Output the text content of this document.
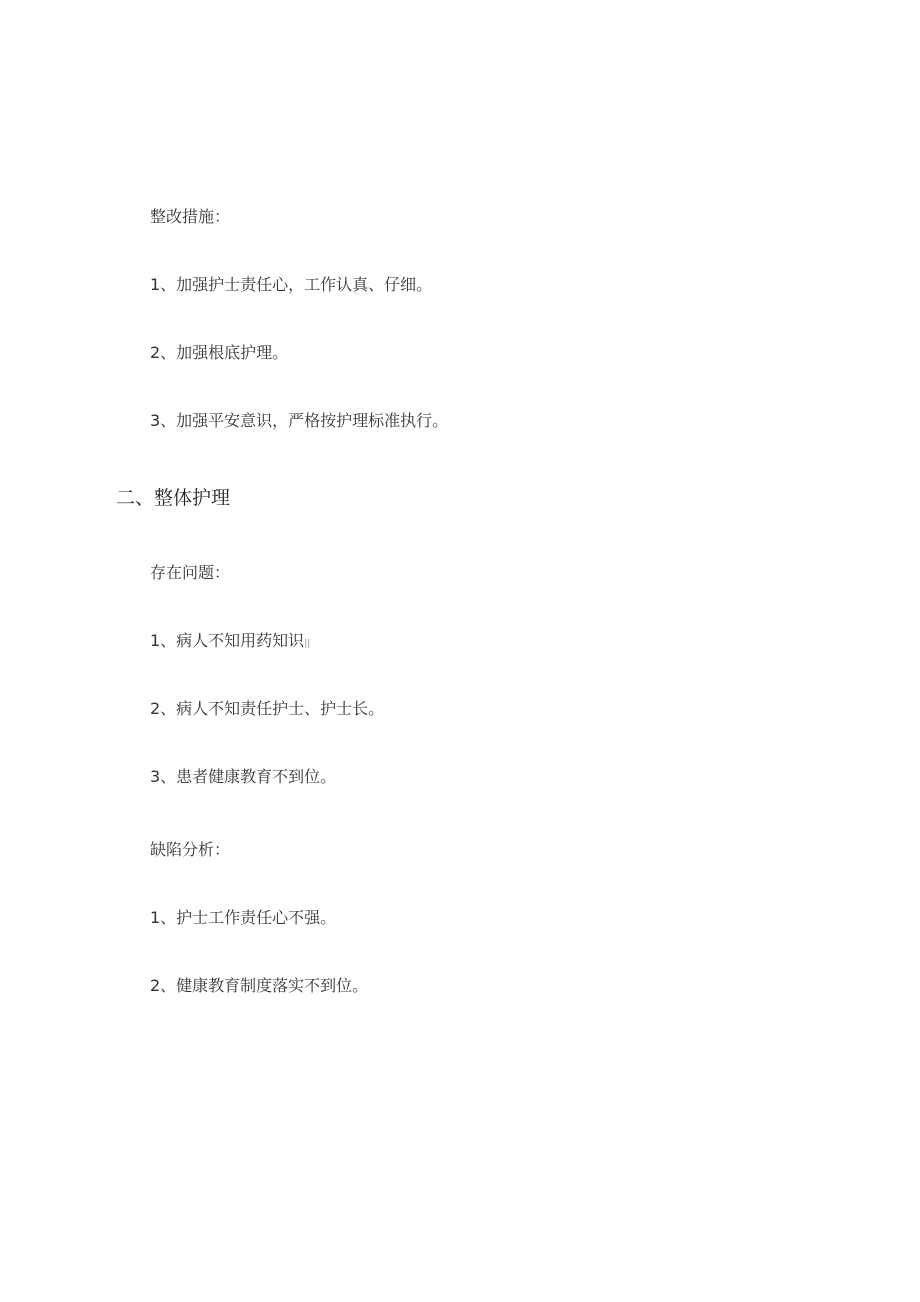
整改措施：
1、加强护士责任心，工作认真、仔细。
2、加强根底护理。
3、加强平安意识，严格按护理标准执行。
二、整体护理
存在问题：
1、病人不知用药知识||
2、病人不知责任护士、护士长。
3、患者健康教育不到位。
缺陷分析：
1、护士工作责任心不强。
2、健康教育制度落实不到位。
